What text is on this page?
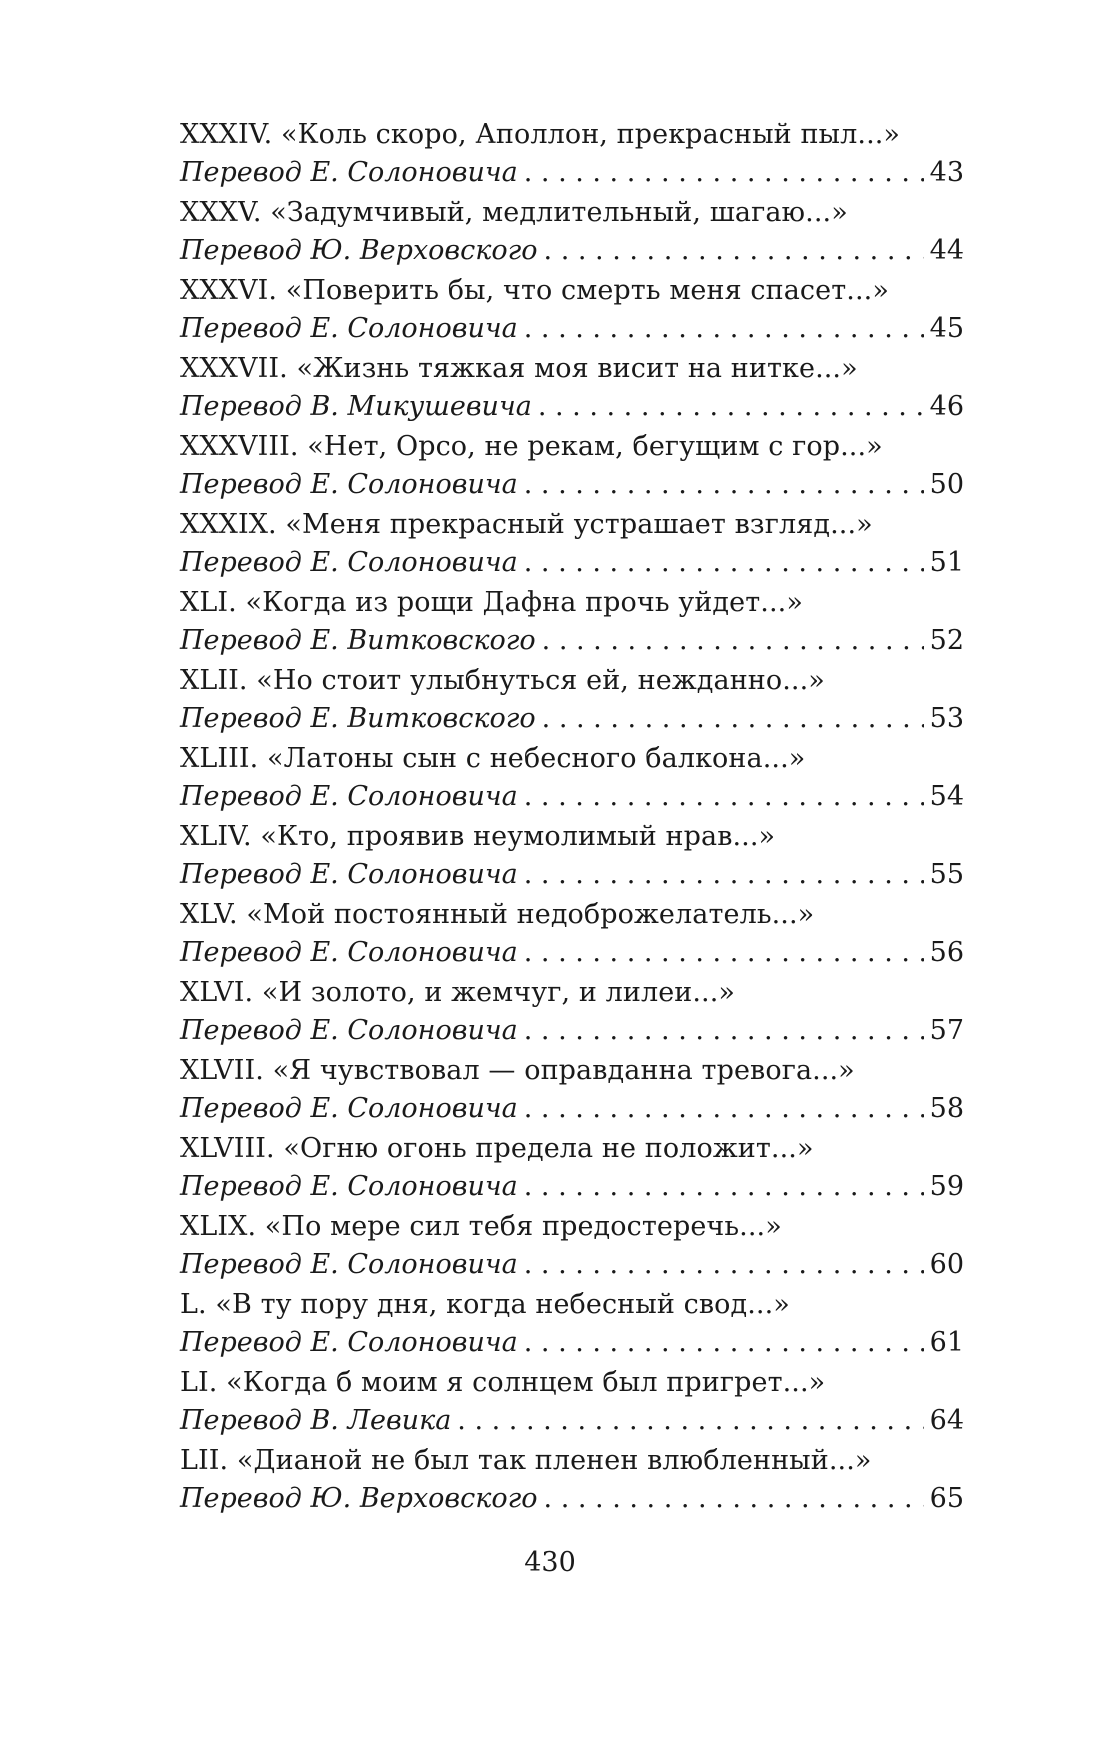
XXXIV. «Коль скоро, Аполлон, прекрасный пыл...»
Перевод Е. Солоновича . . .	43
XXXV. «Задумчивый, медлительный, шагаю...»
Перевод Ю. Верховского . . .	44
XXXVI. «Поверить бы, что смерть меня спасет...»
Перевод Е. Солоновича . . .	45
XXXVII. «Жизнь тяжкая моя висит на нитке...»
Перевод В. Микушевича . . .	46
XXXVIII. «Нет, Орсо, не рекам, бегущим с гор...»
Перевод Е. Солоновича . . .	50
XXXIX. «Меня прекрасный устрашает взгляд...»
Перевод Е. Солоновича . . .	51
XLI. «Когда из рощи Дафна прочь уйдет...»
Перевод Е. Витковского . . .	52
XLII. «Но стоит улыбнуться ей, нежданно...»
Перевод Е. Витковского . . .	53
XLIII. «Латоны сын с небесного балкона...»
Перевод Е. Солоновича . . .	54
XLIV. «Кто, проявив неумолимый нрав...»
Перевод Е. Солоновича . . .	55
XLV. «Мой постоянный недоброжелатель...»
Перевод Е. Солоновича . . .	56
XLVI. «И золото, и жемчуг, и лилеи...»
Перевод Е. Солоновича . . .	57
XLVII. «Я чувствовал — оправданна тревога...»
Перевод Е. Солоновича . . .	58
XLVIII. «Огню огонь предела не положит...»
Перевод Е. Солоновича . . .	59
XLIX. «По мере сил тебя предостеречь...»
Перевод Е. Солоновича . . .	60
L. «В ту пору дня, когда небесный свод...»
Перевод Е. Солоновича . . .	61
LI. «Когда б моим я солнцем был пригрет...»
Перевод В. Левика . . .	64
LII. «Дианой не был так пленен влюбленный...»
Перевод Ю. Верховского . . .	65
430
